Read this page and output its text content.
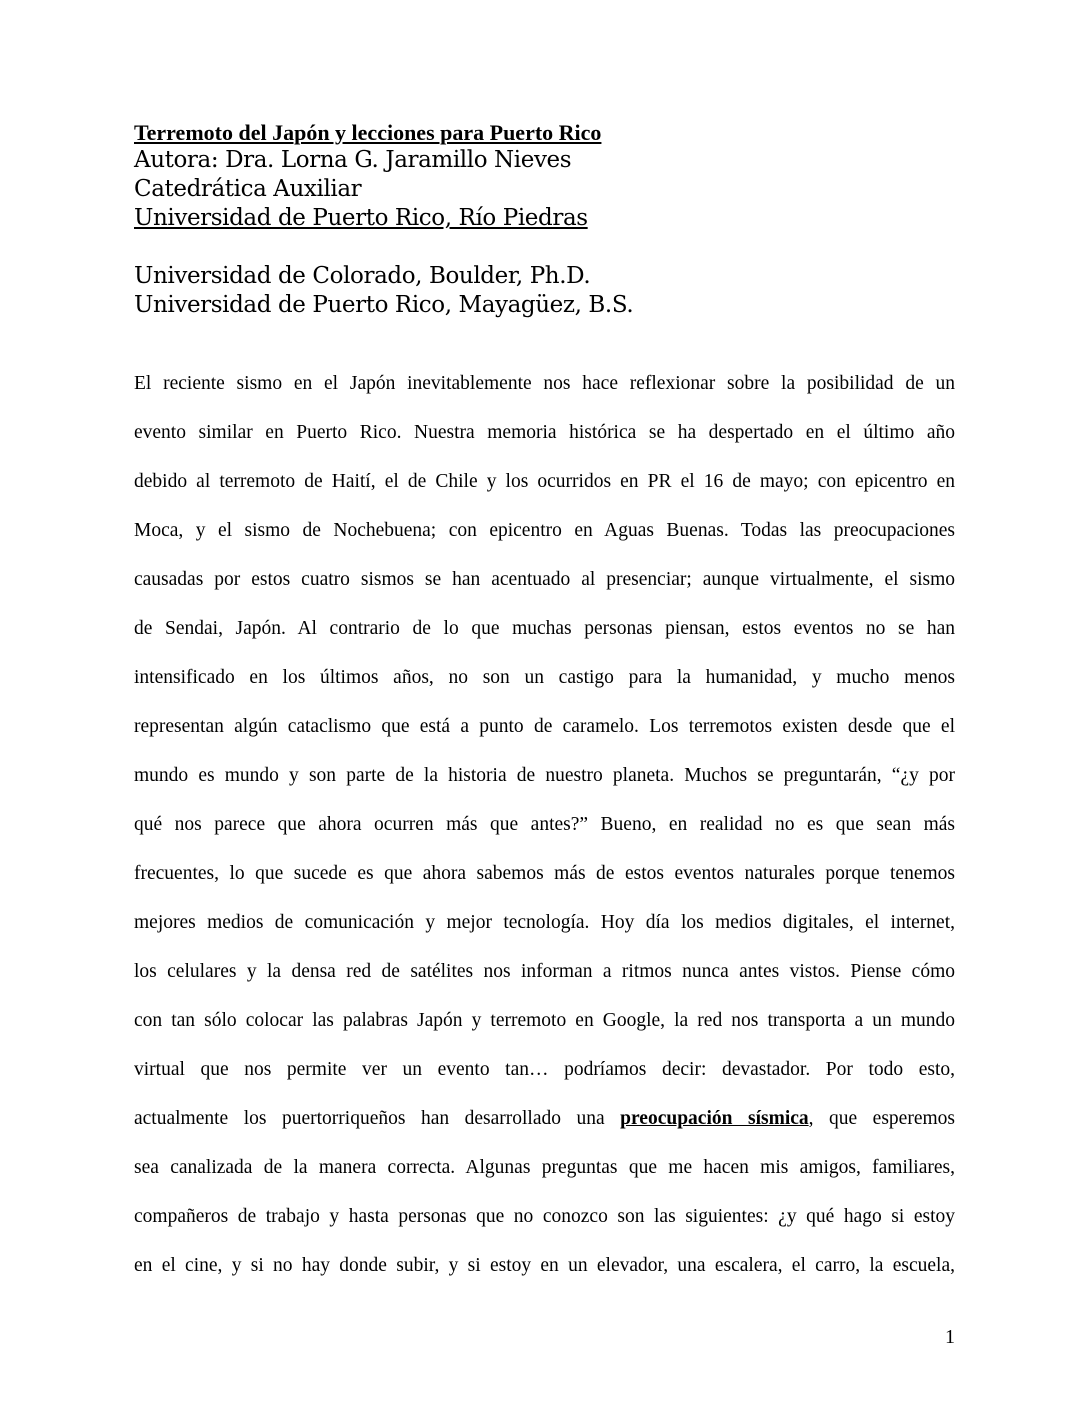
Terremoto del Japón y lecciones para Puerto Rico
Autora: Dra. Lorna G. Jaramillo Nieves
Catedrática Auxiliar
Universidad de Puerto Rico, Río Piedras
Universidad de Colorado, Boulder, Ph.D.
Universidad de Puerto Rico, Mayagüez, B.S.
El reciente sismo en el Japón inevitablemente nos hace reflexionar sobre la posibilidad de un
evento similar en Puerto Rico. Nuestra memoria histórica se ha despertado en el último año
debido al terremoto de Haití, el de Chile y los ocurridos en PR el 16 de mayo; con epicentro en
Moca, y el sismo de Nochebuena; con epicentro en Aguas Buenas. Todas las preocupaciones
causadas por estos cuatro sismos se han acentuado al presenciar; aunque virtualmente, el sismo
de Sendai, Japón. Al contrario de lo que muchas personas piensan, estos eventos no se han
intensificado en los últimos años, no son un castigo para la humanidad, y mucho menos
representan algún cataclismo que está a punto de caramelo. Los terremotos existen desde que el
mundo es mundo y son parte de la historia de nuestro planeta. Muchos se preguntarán, “¿y por
qué nos parece que ahora ocurren más que antes?” Bueno, en realidad no es que sean más
frecuentes, lo que sucede es que ahora sabemos más de estos eventos naturales porque tenemos
mejores medios de comunicación y mejor tecnología. Hoy día los medios digitales, el internet,
los celulares y la densa red de satélites nos informan a ritmos nunca antes vistos. Piense cómo
con tan sólo colocar las palabras Japón y terremoto en Google, la red nos transporta a un mundo
virtual que nos permite ver un evento tan… podríamos decir: devastador. Por todo esto,
actualmente los puertorriqueños han desarrollado una preocupación sísmica, que esperemos
sea canalizada de la manera correcta. Algunas preguntas que me hacen mis amigos, familiares,
compañeros de trabajo y hasta personas que no conozco son las siguientes: ¿y qué hago si estoy
en el cine, y si no hay donde subir, y si estoy en un elevador, una escalera, el carro, la escuela,
1
